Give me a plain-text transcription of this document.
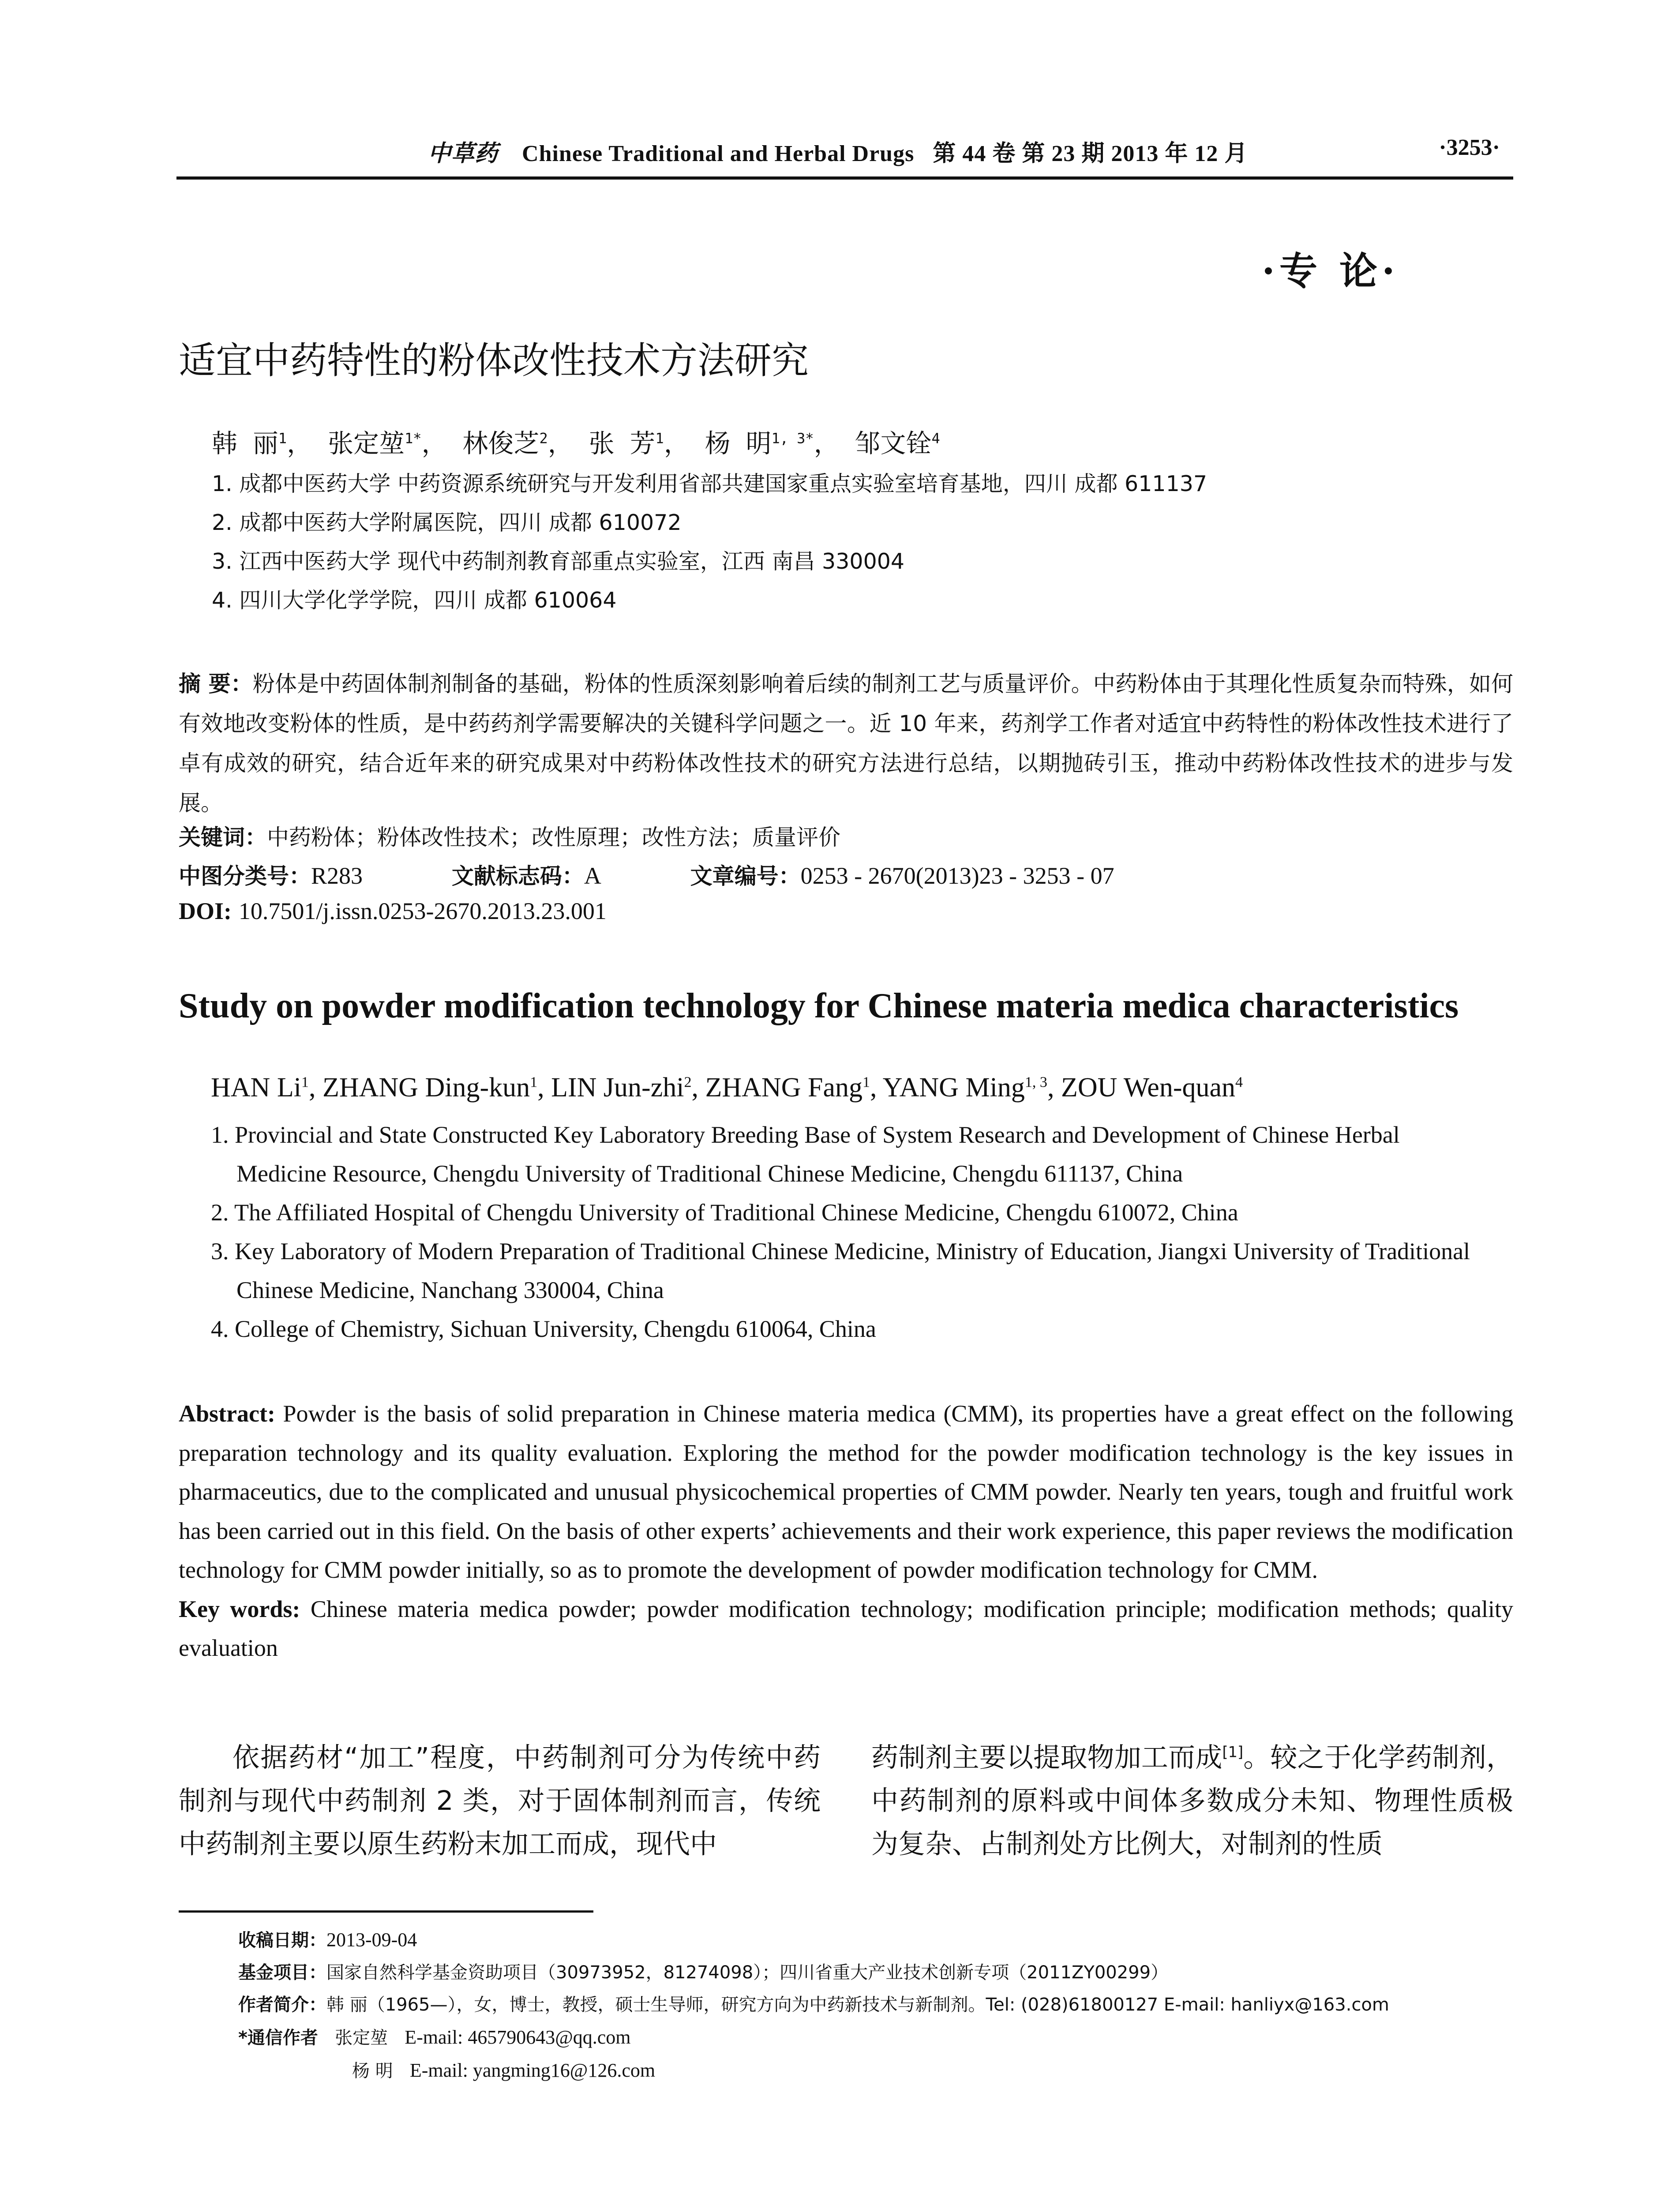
中草药 Chinese Traditional and Herbal Drugs 第 44 卷 第 23 期 2013 年 12 月	·3253·
·专 论·
适宜中药特性的粉体改性技术方法研究
韩 丽$^1$， 张定堃$^{1*}$， 林俊芝$^2$， 张 芳$^1$， 杨 明$^{1, 3*}$， 邹文铨$^4$
1. 成都中医药大学 中药资源系统研究与开发利用省部共建国家重点实验室培育基地，四川 成都 611137
2. 成都中医药大学附属医院，四川 成都 610072
3. 江西中医药大学 现代中药制剂教育部重点实验室，江西 南昌 330004
4. 四川大学化学学院，四川 成都 610064
摘 要：粉体是中药固体制剂制备的基础，粉体的性质深刻影响着后续的制剂工艺与质量评价。中药粉体由于其理化性质复杂而特殊，如何有效地改变粉体的性质，是中药药剂学需要解决的关键科学问题之一。近 10 年来，药剂学工作者对适宜中药特性的粉体改性技术进行了卓有成效的研究，结合近年来的研究成果对中药粉体改性技术的研究方法进行总结，以期抛砖引玉，推动中药粉体改性技术的进步与发展。
关键词：中药粉体；粉体改性技术；改性原理；改性方法；质量评价
中图分类号：R283	文献标志码：A	文章编号：0253 - 2670(2013)23 - 3253 - 07
DOI: 10.7501/j.issn.0253-2670.2013.23.001
Study on powder modification technology for Chinese materia medica characteristics
HAN Li$^1$, ZHANG Ding-kun$^1$, LIN Jun-zhi$^2$, ZHANG Fang$^1$, YANG Ming$^{1, 3}$, ZOU Wen-quan$^4$
1. Provincial and State Constructed Key Laboratory Breeding Base of System Research and Development of Chinese Herbal
Medicine Resource, Chengdu University of Traditional Chinese Medicine, Chengdu 611137, China
2. The Affiliated Hospital of Chengdu University of Traditional Chinese Medicine, Chengdu 610072, China
3. Key Laboratory of Modern Preparation of Traditional Chinese Medicine, Ministry of Education, Jiangxi University of Traditional
Chinese Medicine, Nanchang 330004, China
4. College of Chemistry, Sichuan University, Chengdu 610064, China
Abstract: Powder is the basis of solid preparation in Chinese materia medica (CMM), its properties have a great effect on the following preparation technology and its quality evaluation. Exploring the method for the powder modification technology is the key issues in pharmaceutics, due to the complicated and unusual physicochemical properties of CMM powder. Nearly ten years, tough and fruitful work has been carried out in this field. On the basis of other experts’ achievements and their work experience, this paper reviews the modification technology for CMM powder initially, so as to promote the development of powder modification technology for CMM.
Key words: Chinese materia medica powder; powder modification technology; modification principle; modification methods; quality evaluation

依据药材“加工”程度，中药制剂可分为传统中药制剂与现代中药制剂 2 类，对于固体制剂而言，传统中药制剂主要以原生药粉末加工而成，现代中

药制剂主要以提取物加工而成[1]。较之于化学药制剂，中药制剂的原料或中间体多数成分未知、物理性质极为复杂、占制剂处方比例大，对制剂的性质

收稿日期：2013-09-04
基金项目：国家自然科学基金资助项目（30973952，81274098）；四川省重大产业技术创新专项（2011ZY00299）
作者简介：韩 丽（1965—），女，博士，教授，硕士生导师，研究方向为中药新技术与新制剂。Tel: (028)61800127 E-mail: hanliyx@163.com
*通信作者 张定堃 E-mail: 465790643@qq.com
杨 明 E-mail: yangming16@126.com
